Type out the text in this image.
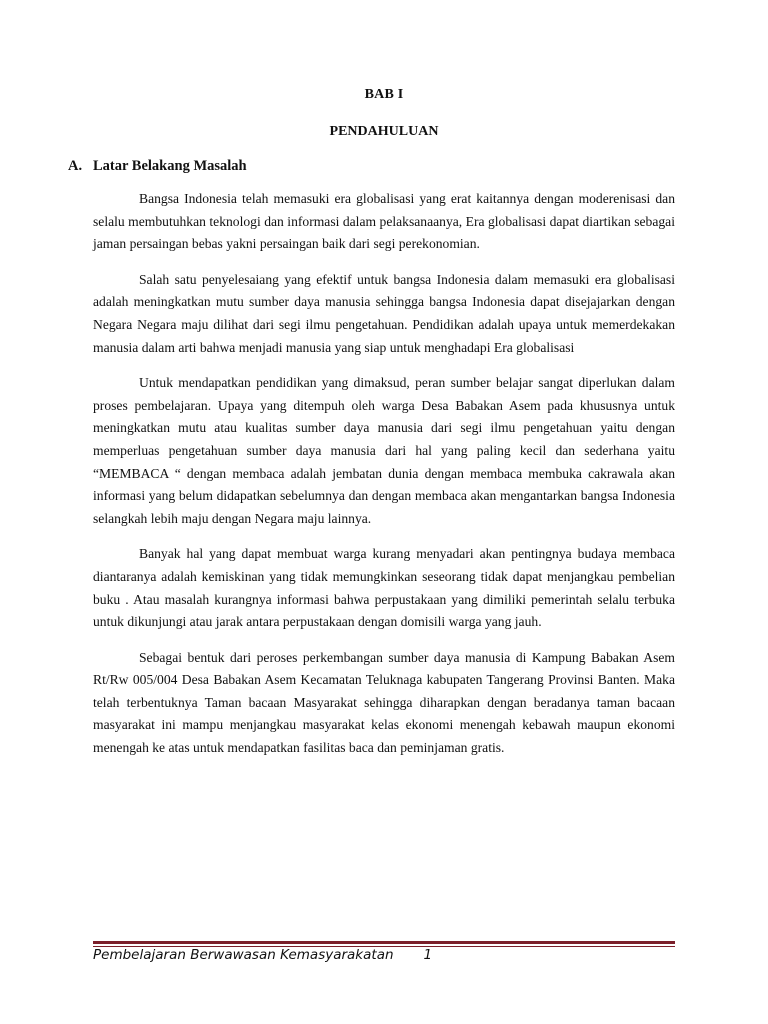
BAB I
PENDAHULUAN
A. Latar Belakang Masalah

Bangsa Indonesia telah memasuki era globalisasi yang erat kaitannya dengan moderenisasi dan selalu membutuhkan teknologi dan informasi dalam pelaksanaanya, Era globalisasi dapat diartikan sebagai jaman persaingan bebas yakni persaingan baik dari segi perekonomian.

Salah satu penyelesaiang yang efektif untuk bangsa Indonesia dalam memasuki era globalisasi adalah meningkatkan mutu sumber daya manusia sehingga bangsa Indonesia dapat disejajarkan dengan Negara Negara maju dilihat dari segi ilmu pengetahuan. Pendidikan adalah upaya untuk memerdekakan manusia dalam arti bahwa menjadi manusia yang siap untuk menghadapi Era globalisasi

Untuk mendapatkan pendidikan yang dimaksud, peran sumber belajar sangat diperlukan dalam proses pembelajaran. Upaya yang ditempuh oleh warga Desa Babakan Asem pada khususnya untuk meningkatkan mutu atau kualitas sumber daya manusia dari segi ilmu pengetahuan yaitu dengan memperluas pengetahuan sumber daya manusia dari hal yang paling kecil dan sederhana yaitu “MEMBACA “ dengan membaca adalah jembatan dunia dengan membaca membuka cakrawala akan informasi yang belum didapatkan sebelumnya dan dengan membaca akan mengantarkan bangsa Indonesia selangkah lebih maju dengan Negara maju lainnya.

Banyak hal yang dapat membuat warga kurang menyadari akan pentingnya budaya membaca diantaranya adalah kemiskinan yang tidak memungkinkan seseorang tidak dapat menjangkau pembelian buku . Atau masalah kurangnya informasi bahwa perpustakaan yang dimiliki pemerintah selalu terbuka untuk dikunjungi atau jarak antara perpustakaan dengan domisili warga yang jauh.

Sebagai bentuk dari peroses perkembangan sumber daya manusia di Kampung Babakan Asem Rt/Rw 005/004 Desa Babakan Asem Kecamatan Teluknaga kabupaten Tangerang Provinsi Banten. Maka telah terbentuknya Taman bacaan Masyarakat sehingga diharapkan dengan beradanya taman bacaan masyarakat ini mampu menjangkau masyarakat kelas ekonomi menengah kebawah maupun ekonomi menengah ke atas untuk mendapatkan fasilitas baca dan peminjaman gratis.

Pembelajaran Berwawasan Kemasyarakatan 1
